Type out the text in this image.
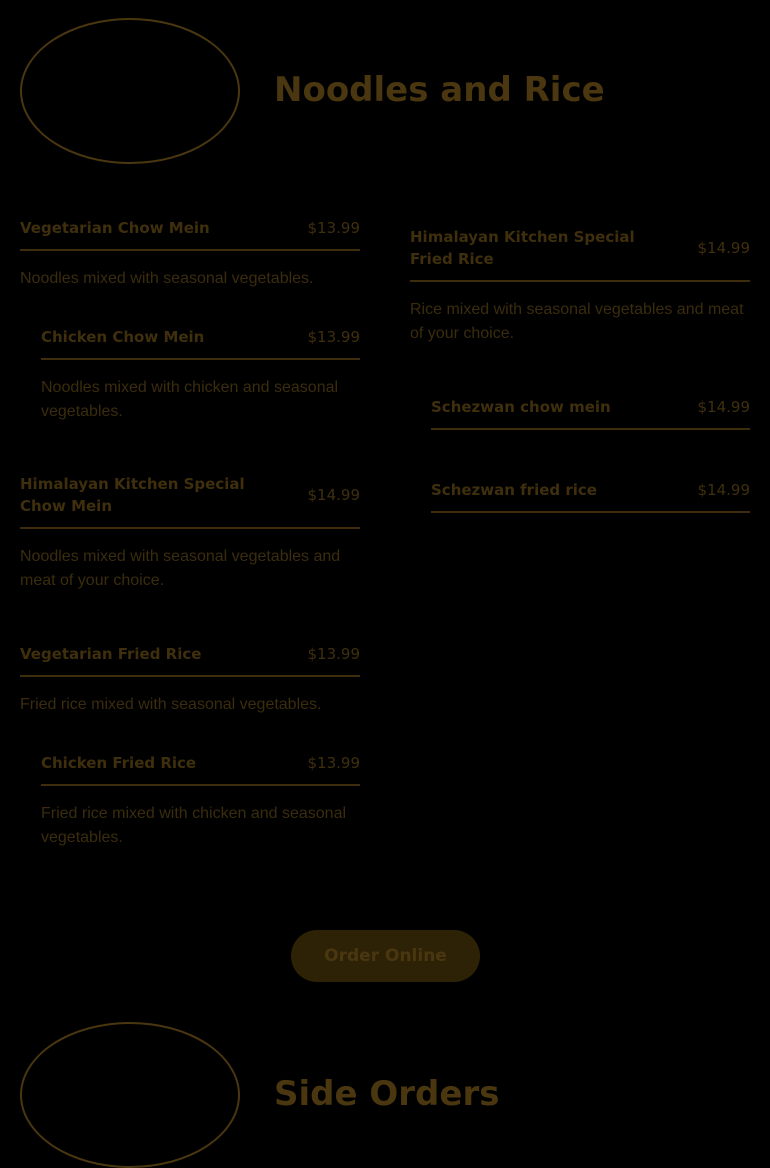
Noodles and Rice
Vegetarian Chow Mein	$13.99
Noodles mixed with seasonal vegetables.
Chicken Chow Mein	$13.99
Noodles mixed with chicken and seasonal vegetables.
Himalayan Kitchen Special Chow Mein
$14.99
Noodles mixed with seasonal vegetables and meat of your choice.
Vegetarian Fried Rice	$13.99
Fried rice mixed with seasonal vegetables.
Chicken Fried Rice	$13.99
Fried rice mixed with chicken and seasonal vegetables.
Himalayan Kitchen Special Fried Rice
$14.99
Rice mixed with seasonal vegetables and meat of your choice.
Schezwan chow mein	$14.99
Schezwan fried rice	$14.99
Order Online
Side Orders
